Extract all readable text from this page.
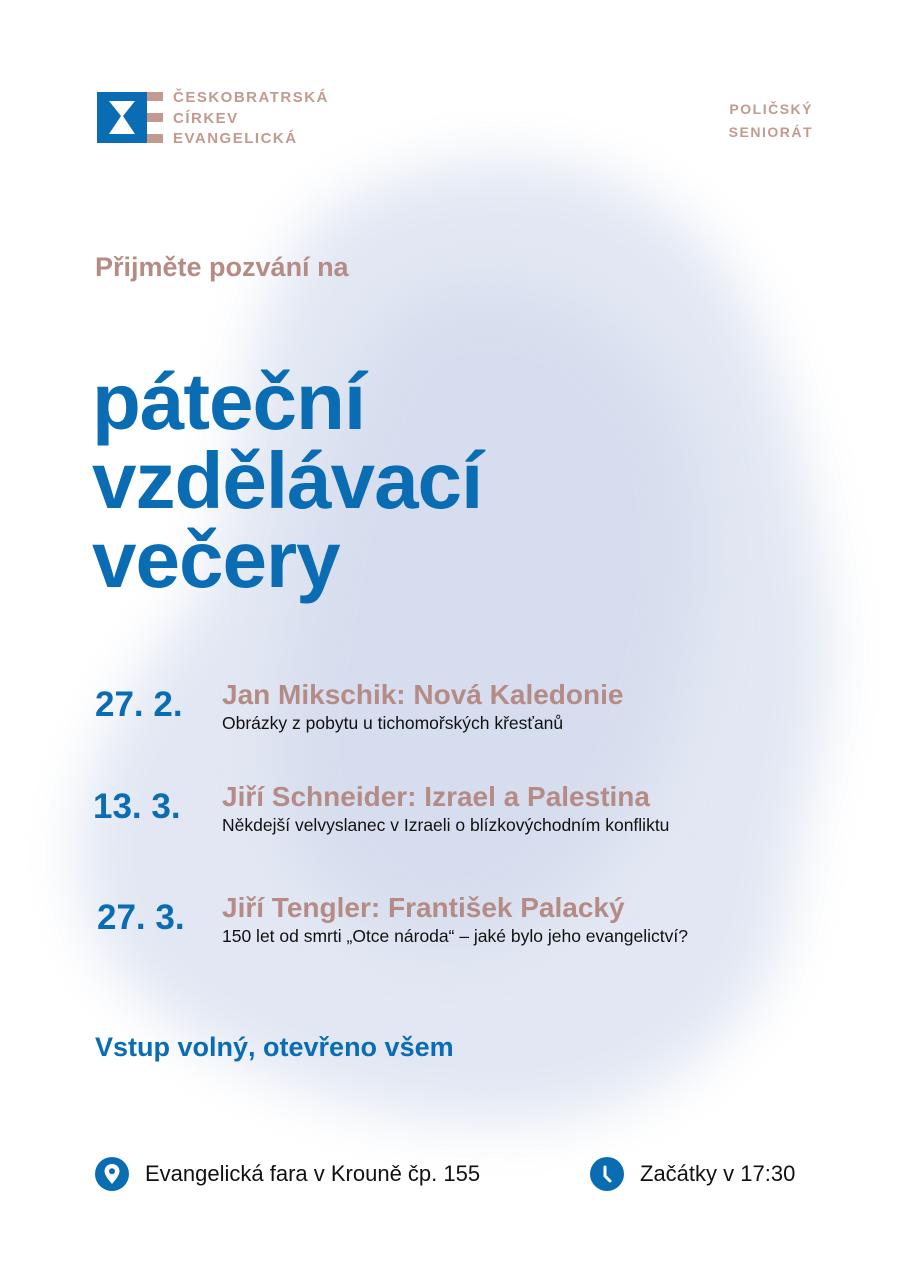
ČESKOBRATRSKÁ
CÍRKEV
EVANGELICKÁ
POLIČSKÝ
SENIORÁT
Přijměte pozvání na
páteční
vzdělávací
večery
27. 2. Jan Mikschik: Nová Kaledonie
Obrázky z pobytu u tichomořských křesťanů
13. 3. Jiří Schneider: Izrael a Palestina
Někdejší velvyslanec v Izraeli o blízkovýchodním konfliktu
27. 3. Jiří Tengler: František Palacký
150 let od smrti „Otce národa“ – jaké bylo jeho evangelictví?
Vstup volný, otevřeno všem
Evangelická fara v Krouně čp. 155	Začátky v 17:30
